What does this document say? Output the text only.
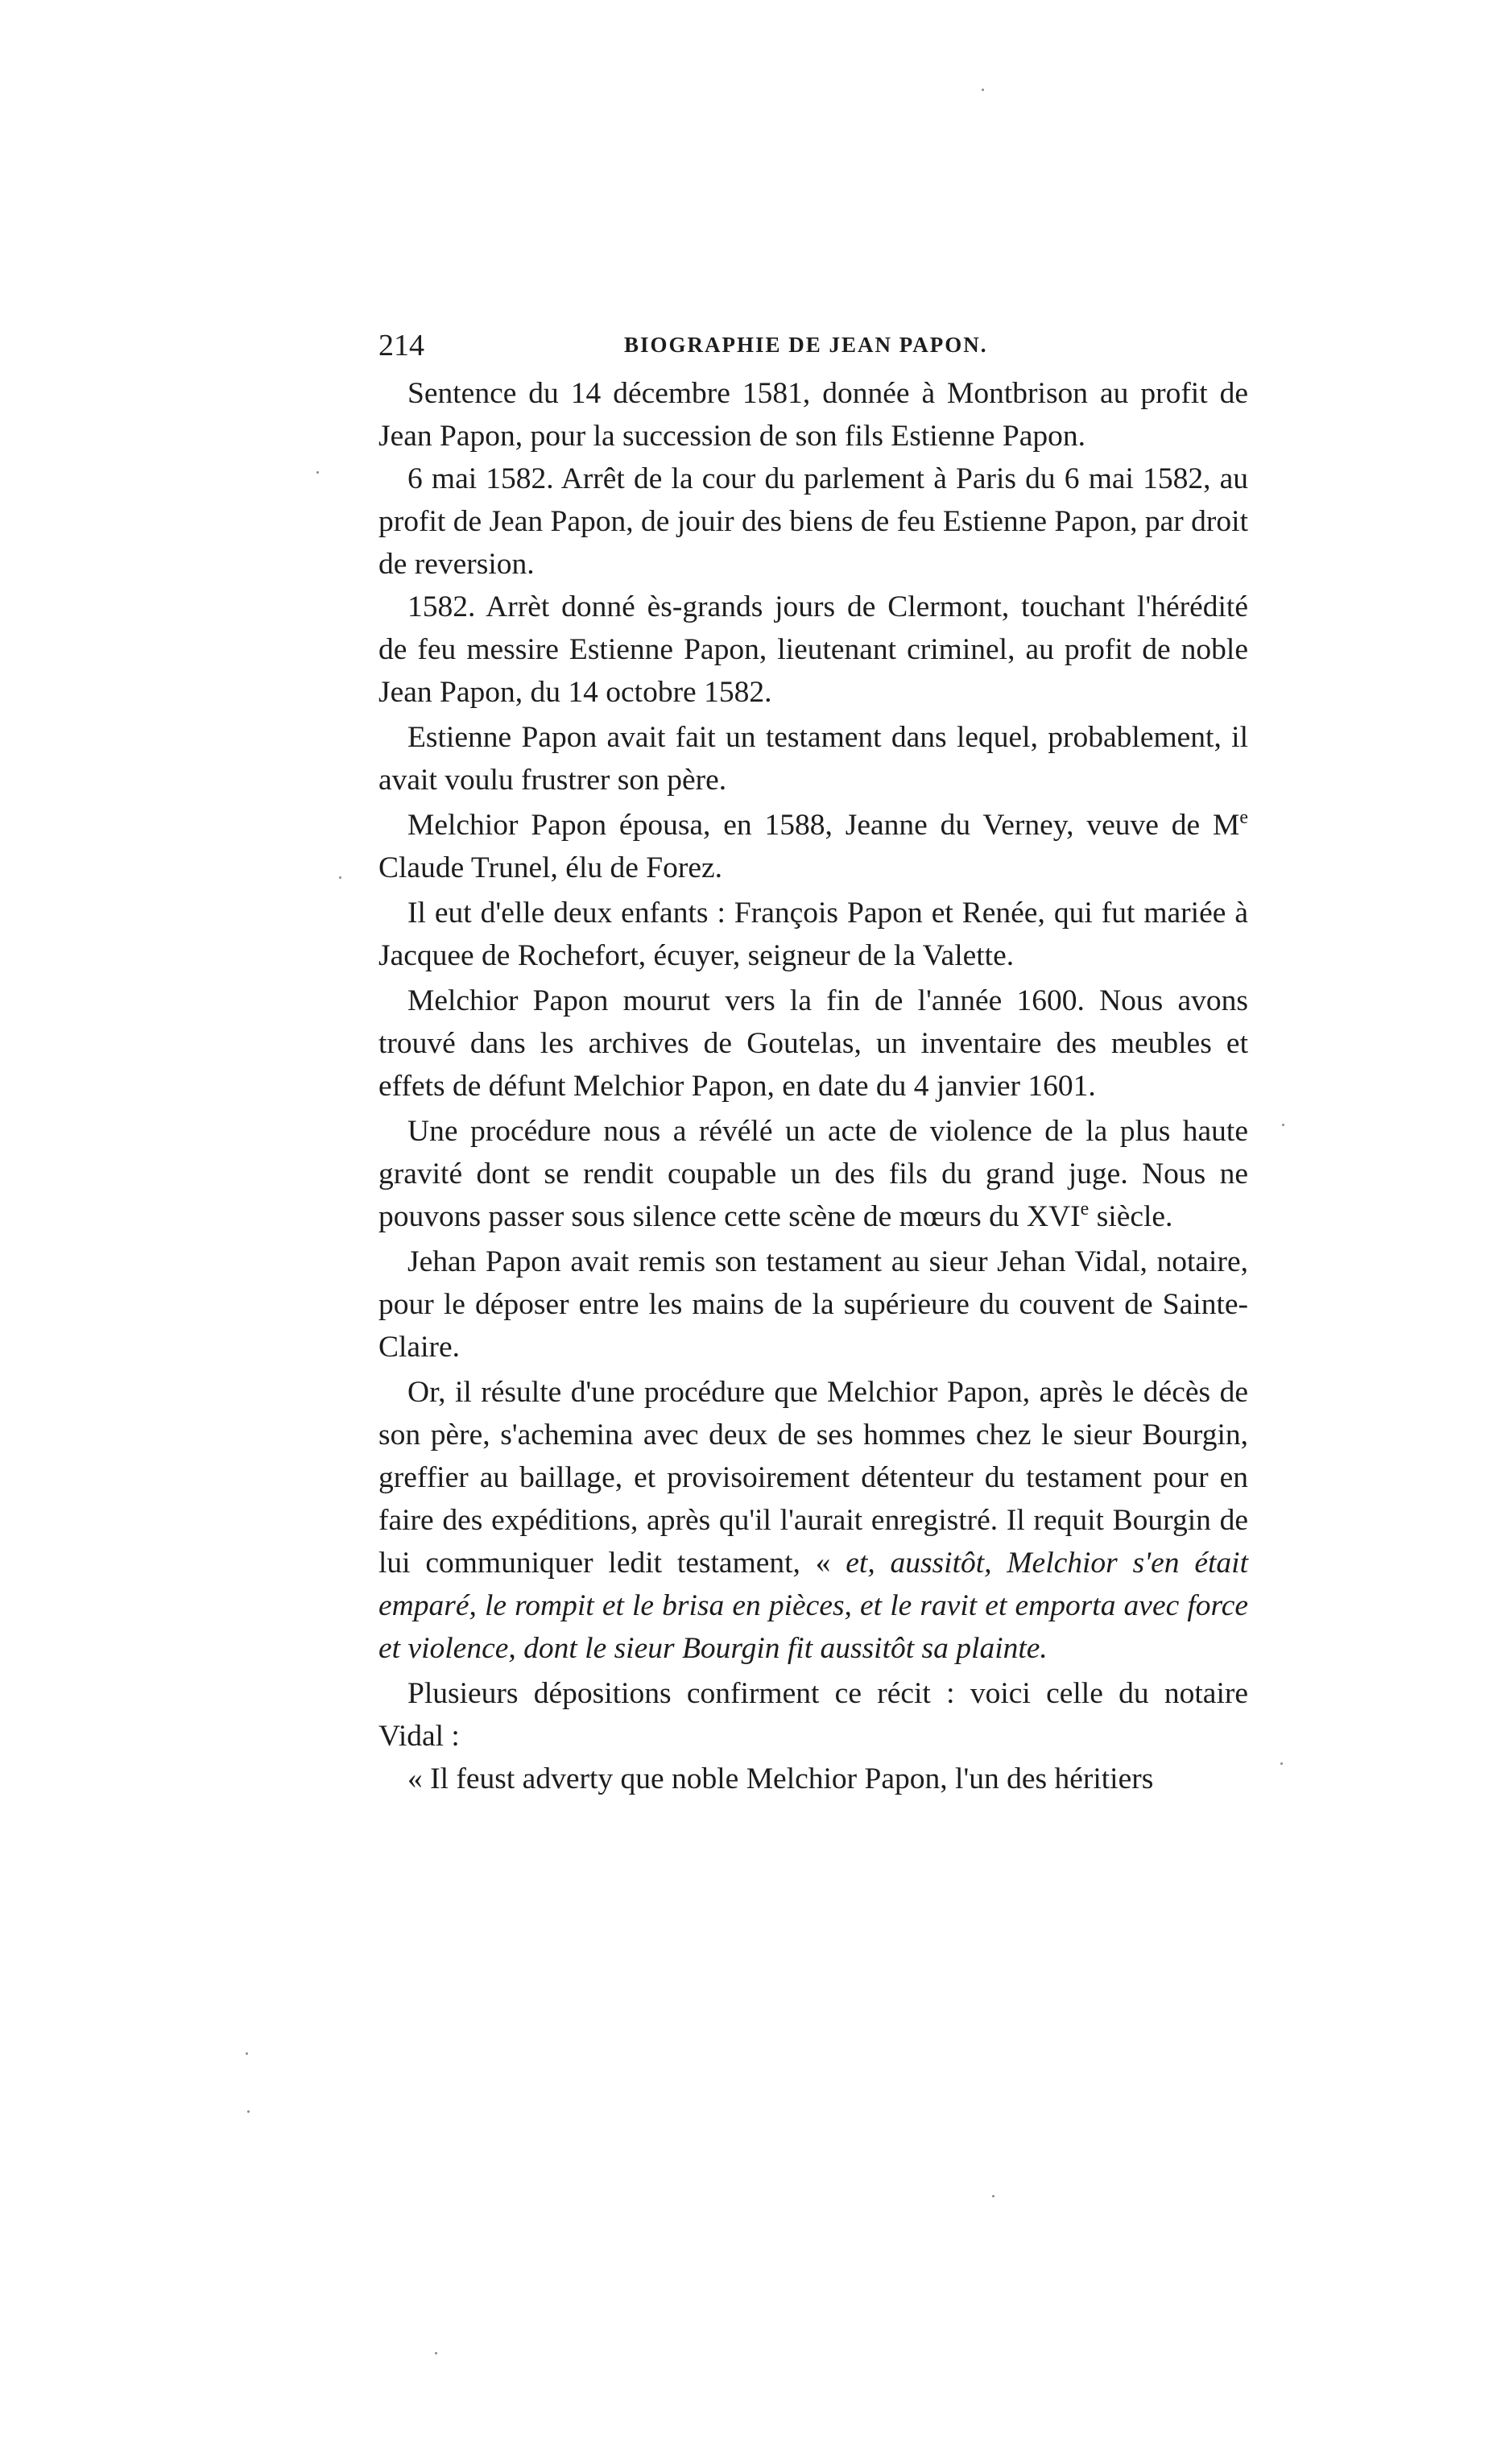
214	BIOGRAPHIE DE JEAN PAPON.

Sentence du 14 décembre 1581, donnée à Montbrison au profit de Jean Papon, pour la succession de son fils Estienne Papon.

6 mai 1582. Arrêt de la cour du parlement à Paris du 6 mai 1582, au profit de Jean Papon, de jouir des biens de feu Estienne Papon, par droit de reversion.

1582. Arrèt donné ès-grands jours de Clermont, touchant l'hérédité de feu messire Estienne Papon, lieutenant criminel, au profit de noble Jean Papon, du 14 octobre 1582.

Estienne Papon avait fait un testament dans lequel, probablement, il avait voulu frustrer son père.

Melchior Papon épousa, en 1588, Jeanne du Verney, veuve de Me Claude Trunel, élu de Forez.

Il eut d'elle deux enfants : François Papon et Renée, qui fut mariée à Jacquee de Rochefort, écuyer, seigneur de la Valette.

Melchior Papon mourut vers la fin de l'année 1600. Nous avons trouvé dans les archives de Goutelas, un inventaire des meubles et effets de défunt Melchior Papon, en date du 4 janvier 1601.

Une procédure nous a révélé un acte de violence de la plus haute gravité dont se rendit coupable un des fils du grand juge. Nous ne pouvons passer sous silence cette scène de mœurs du XVIe siècle.

Jehan Papon avait remis son testament au sieur Jehan Vidal, notaire, pour le déposer entre les mains de la supérieure du couvent de Sainte-Claire.

Or, il résulte d'une procédure que Melchior Papon, après le décès de son père, s'achemina avec deux de ses hommes chez le sieur Bourgin, greffier au baillage, et provisoirement détenteur du testament pour en faire des expéditions, après qu'il l'aurait enregistré. Il requit Bourgin de lui communiquer ledit testament, « et, aussitôt, Melchior s'en était emparé, le rompit et le brisa en pièces, et le ravit et emporta avec force et violence, dont le sieur Bourgin fit aussitôt sa plainte.

Plusieurs dépositions confirment ce récit : voici celle du notaire Vidal :

« Il feust adverty que noble Melchior Papon, l'un des héritiers
